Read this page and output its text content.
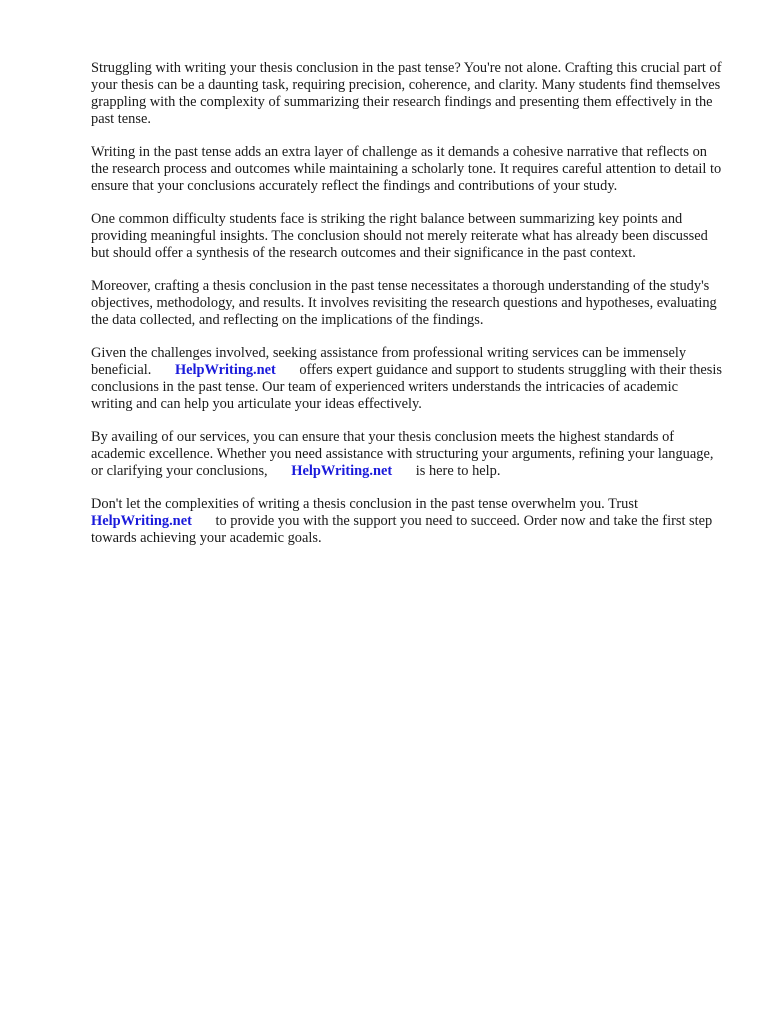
Struggling with writing your thesis conclusion in the past tense? You're not alone. Crafting this crucial part of your thesis can be a daunting task, requiring precision, coherence, and clarity. Many students find themselves grappling with the complexity of summarizing their research findings and presenting them effectively in the past tense.

Writing in the past tense adds an extra layer of challenge as it demands a cohesive narrative that reflects on the research process and outcomes while maintaining a scholarly tone. It requires careful attention to detail to ensure that your conclusions accurately reflect the findings and contributions of your study.

One common difficulty students face is striking the right balance between summarizing key points and providing meaningful insights. The conclusion should not merely reiterate what has already been discussed but should offer a synthesis of the research outcomes and their significance in the past context.

Moreover, crafting a thesis conclusion in the past tense necessitates a thorough understanding of the study's objectives, methodology, and results. It involves revisiting the research questions and hypotheses, evaluating the data collected, and reflecting on the implications of the findings.

Given the challenges involved, seeking assistance from professional writing services can be immensely beneficial. HelpWriting.net offers expert guidance and support to students struggling with their thesis conclusions in the past tense. Our team of experienced writers understands the intricacies of academic writing and can help you articulate your ideas effectively.

By availing of our services, you can ensure that your thesis conclusion meets the highest standards of academic excellence. Whether you need assistance with structuring your arguments, refining your language, or clarifying your conclusions, HelpWriting.net is here to help.

Don't let the complexities of writing a thesis conclusion in the past tense overwhelm you. Trust HelpWriting.net to provide you with the support you need to succeed. Order now and take the first step towards achieving your academic goals.
